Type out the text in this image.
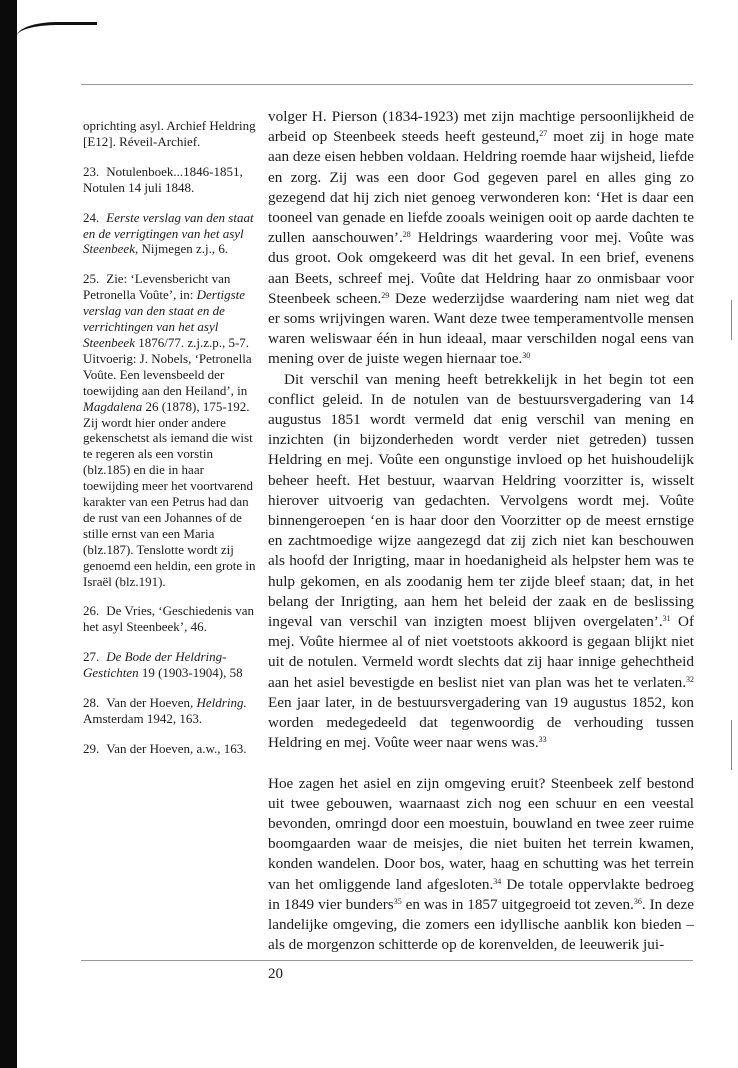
oprichting asyl. Archief Heldring [E12]. Réveil-Archief.
23. Notulenboek...1846-1851, Notulen 14 juli 1848.
24. Eerste verslag van den staat en de verrigtingen van het asyl Steenbeek, Nijmegen z.j., 6.
25. Zie: ‘Levensbericht van Petronella Voûte’, in: Dertigste verslag van den staat en de verrichtingen van het asyl Steenbeek 1876/77. z.j.z.p., 5-7. Uitvoerig: J. Nobels, ‘Petronella Voûte. Een levensbeeld der toewijding aan den Heiland’, in Magdalena 26 (1878), 175-192. Zij wordt hier onder andere gekenschetst als iemand die wist te regeren als een vorstin (blz.185) en die in haar toewijding meer het voortvarend karakter van een Petrus had dan de rust van een Johannes of de stille ernst van een Maria (blz.187). Tenslotte wordt zij genoemd een heldin, een grote in Israël (blz.191).
26. De Vries, ‘Geschiedenis van het asyl Steenbeek’, 46.
27. De Bode der Heldring-Gestichten 19 (1903-1904), 58
28. Van der Hoeven, Heldring. Amsterdam 1942, 163.
29. Van der Hoeven, a.w., 163.

volger H. Pierson (1834-1923) met zijn machtige persoonlijkheid de arbeid op Steenbeek steeds heeft gesteund,$^{27}$ moet zij in hoge mate aan deze eisen hebben voldaan. Heldring roemde haar wijsheid, liefde en zorg. Zij was een door God gegeven parel en alles ging zo gezegend dat hij zich niet genoeg verwonderen kon: ‘Het is daar een tooneel van genade en liefde zooals weinigen ooit op aarde dachten te zullen aanschouwen’.$^{28}$ Heldrings waardering voor mej. Voûte was dus groot. Ook omgekeerd was dit het geval. In een brief, evenens aan Beets, schreef mej. Voûte dat Heldring haar zo onmisbaar voor Steenbeek scheen.$^{29}$ Deze wederzijdse waardering nam niet weg dat er soms wrijvingen waren. Want deze twee temperamentvolle mensen waren weliswaar één in hun ideaal, maar verschilden nogal eens van mening over de juiste wegen hiernaar toe.$^{30}$

Dit verschil van mening heeft betrekkelijk in het begin tot een conflict geleid. In de notulen van de bestuursvergadering van 14 augustus 1851 wordt vermeld dat enig verschil van mening en inzichten (in bijzonderheden wordt verder niet getreden) tussen Heldring en mej. Voûte een ongunstige invloed op het huishoudelijk beheer heeft. Het bestuur, waarvan Heldring voorzitter is, wisselt hierover uitvoerig van gedachten. Vervolgens wordt mej. Voûte binnengeroepen ‘en is haar door den Voorzitter op de meest ernstige en zachtmoedige wijze aangezegd dat zij zich niet kan beschouwen als hoofd der Inrigting, maar in hoedanigheid als helpster hem was te hulp gekomen, en als zoodanig hem ter zijde bleef staan; dat, in het belang der Inrigting, aan hem het beleid der zaak en de beslissing ingeval van verschil van inzigten moest blijven overgelaten’.$^{31}$ Of mej. Voûte hiermee al of niet voetstoots akkoord is gegaan blijkt niet uit de notulen. Vermeld wordt slechts dat zij haar innige gehechtheid aan het asiel bevestigde en beslist niet van plan was het te verlaten.$^{32}$ Een jaar later, in de bestuursvergadering van 19 augustus 1852, kon worden medegedeeld dat tegenwoordig de verhouding tussen Heldring en mej. Voûte weer naar wens was.$^{33}$

Hoe zagen het asiel en zijn omgeving eruit? Steenbeek zelf bestond uit twee gebouwen, waarnaast zich nog een schuur en een veestal bevonden, omringd door een moestuin, bouwland en twee zeer ruime boomgaarden waar de meisjes, die niet buiten het terrein kwamen, konden wandelen. Door bos, water, haag en schutting was het terrein van het omliggende land afgesloten.$^{34}$ De totale oppervlakte bedroeg in 1849 vier bunders$^{35}$ en was in 1857 uitgegroeid tot zeven.$^{36}$. In deze landelijke omgeving, die zomers een idyllische aanblik kon bieden – als de morgenzon schitterde op de korenvelden, de leeuwerik jui-

20
